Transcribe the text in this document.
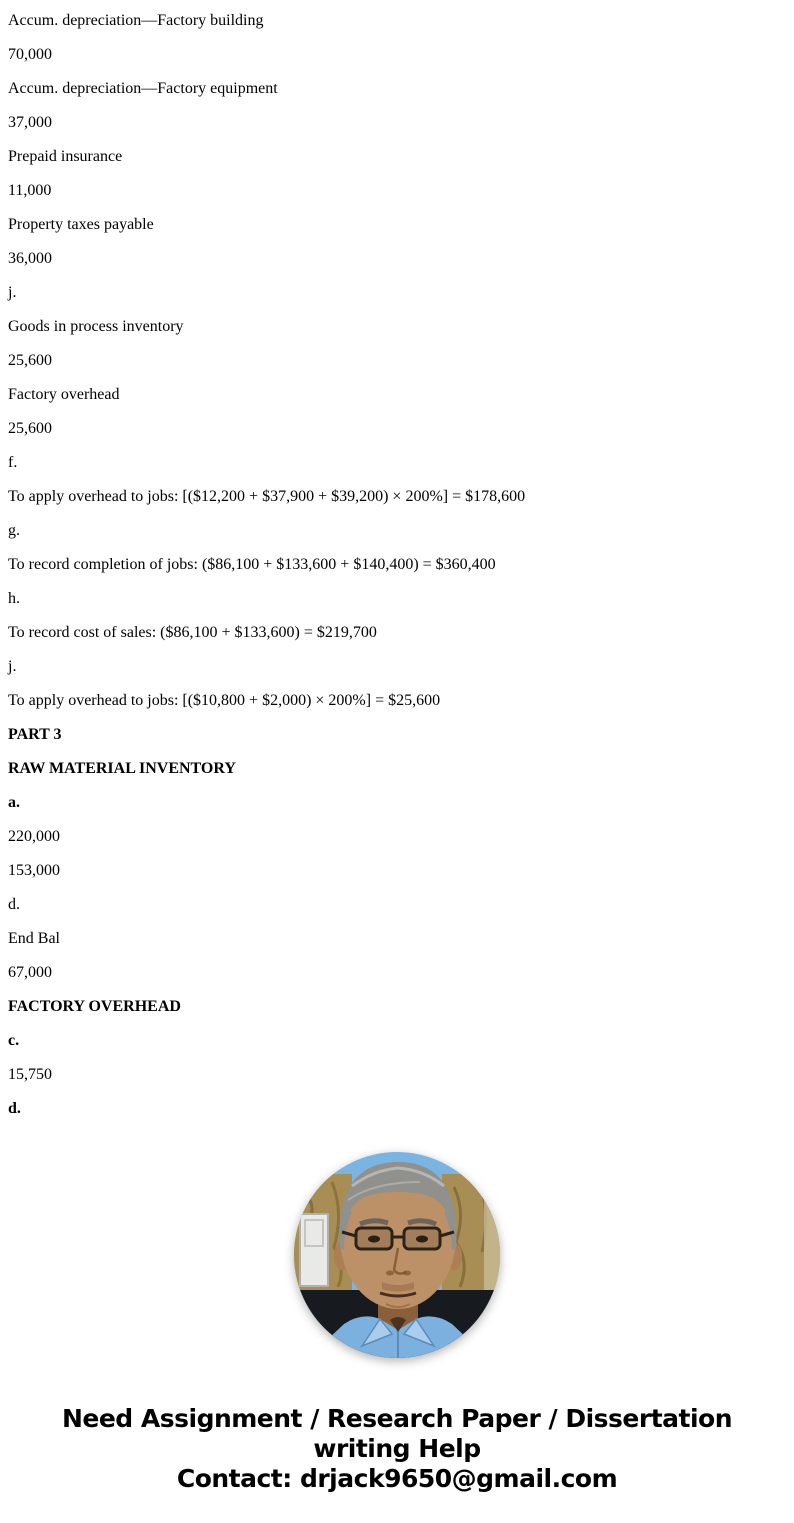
Accum. depreciation—Factory building

70,000

Accum. depreciation—Factory equipment

37,000

Prepaid insurance

11,000

Property taxes payable

36,000

j.

Goods in process inventory

25,600

Factory overhead

25,600

f.

To apply overhead to jobs: [($12,200 + $37,900 + $39,200) × 200%] = $178,600

g.

To record completion of jobs: ($86,100 + $133,600 + $140,400) = $360,400

h.

To record cost of sales: ($86,100 + $133,600) = $219,700

j.

To apply overhead to jobs: [($10,800 + $2,000) × 200%] = $25,600

PART 3

RAW MATERIAL INVENTORY

a.

220,000

153,000

d.

End Bal

67,000

FACTORY OVERHEAD

c.

15,750

d.

Need Assignment / Research Paper / Dissertation
writing Help
Contact: drjack9650@gmail.com
